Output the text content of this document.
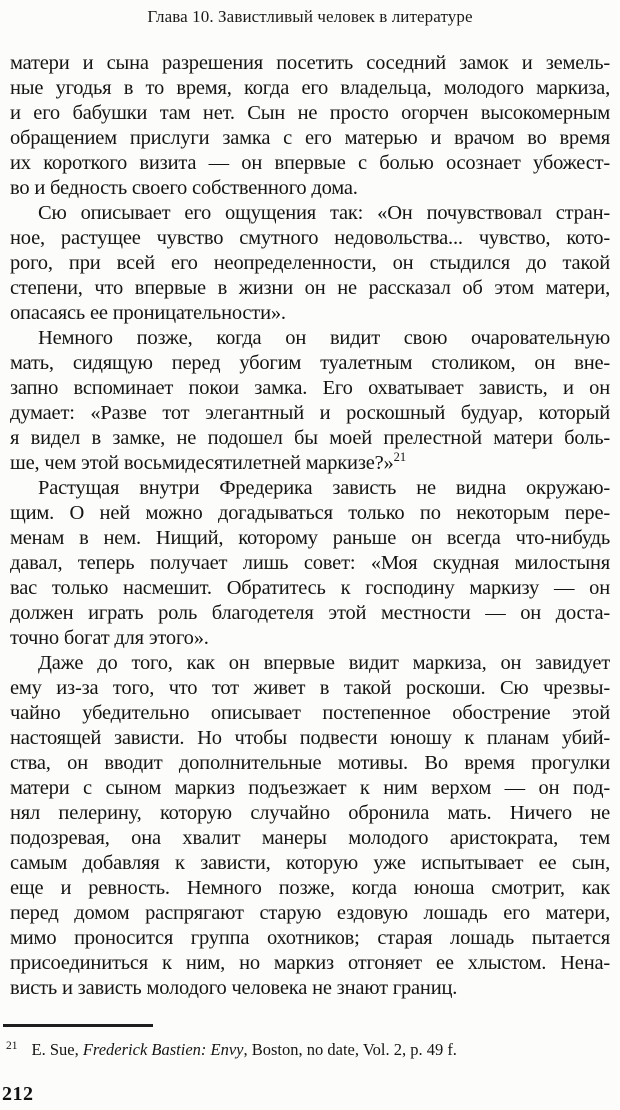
Глава 10. Завистливый человек в литературе
матери и сына разрешения посетить соседний замок и земель-
ные угодья в то время, когда его владельца, молодого маркиза,
и его бабушки там нет. Сын не просто огорчен высокомерным
обращением прислуги замка с его матерью и врачом во время
их короткого визита — он впервые с болью осознает убожест-
во и бедность своего собственного дома.
Сю описывает его ощущения так: «Он почувствовал стран-
ное, растущее чувство смутного недовольства... чувство, кото-
рого, при всей его неопределенности, он стыдился до такой
степени, что впервые в жизни он не рассказал об этом матери,
опасаясь ее проницательности».
Немного позже, когда он видит свою очаровательную
мать, сидящую перед убогим туалетным столиком, он вне-
запно вспоминает покои замка. Его охватывает зависть, и он
думает: «Разве тот элегантный и роскошный будуар, который
я видел в замке, не подошел бы моей прелестной матери боль-
ше, чем этой восьмидесятилетней маркизе?»$^{21}$
Растущая внутри Фредерика зависть не видна окружаю-
щим. О ней можно догадываться только по некоторым пере-
менам в нем. Нищий, которому раньше он всегда что-нибудь
давал, теперь получает лишь совет: «Моя скудная милостыня
вас только насмешит. Обратитесь к господину маркизу — он
должен играть роль благодетеля этой местности — он доста-
точно богат для этого».
Даже до того, как он впервые видит маркиза, он завидует
ему из-за того, что тот живет в такой роскоши. Сю чрезвы-
чайно убедительно описывает постепенное обострение этой
настоящей зависти. Но чтобы подвести юношу к планам убий-
ства, он вводит дополнительные мотивы. Во время прогулки
матери с сыном маркиз подъезжает к ним верхом — он под-
нял пелерину, которую случайно обронила мать. Ничего не
подозревая, она хвалит манеры молодого аристократа, тем
самым добавляя к зависти, которую уже испытывает ее сын,
еще и ревность. Немного позже, когда юноша смотрит, как
перед домом распрягают старую ездовую лошадь его матери,
мимо проносится группа охотников; старая лошадь пытается
присоединиться к ним, но маркиз отгоняет ее хлыстом. Нена-
висть и зависть молодого человека не знают границ.
$^{21}$ E. Sue, Frederick Bastien: Envy, Boston, no date, Vol. 2, p. 49 f.
212
